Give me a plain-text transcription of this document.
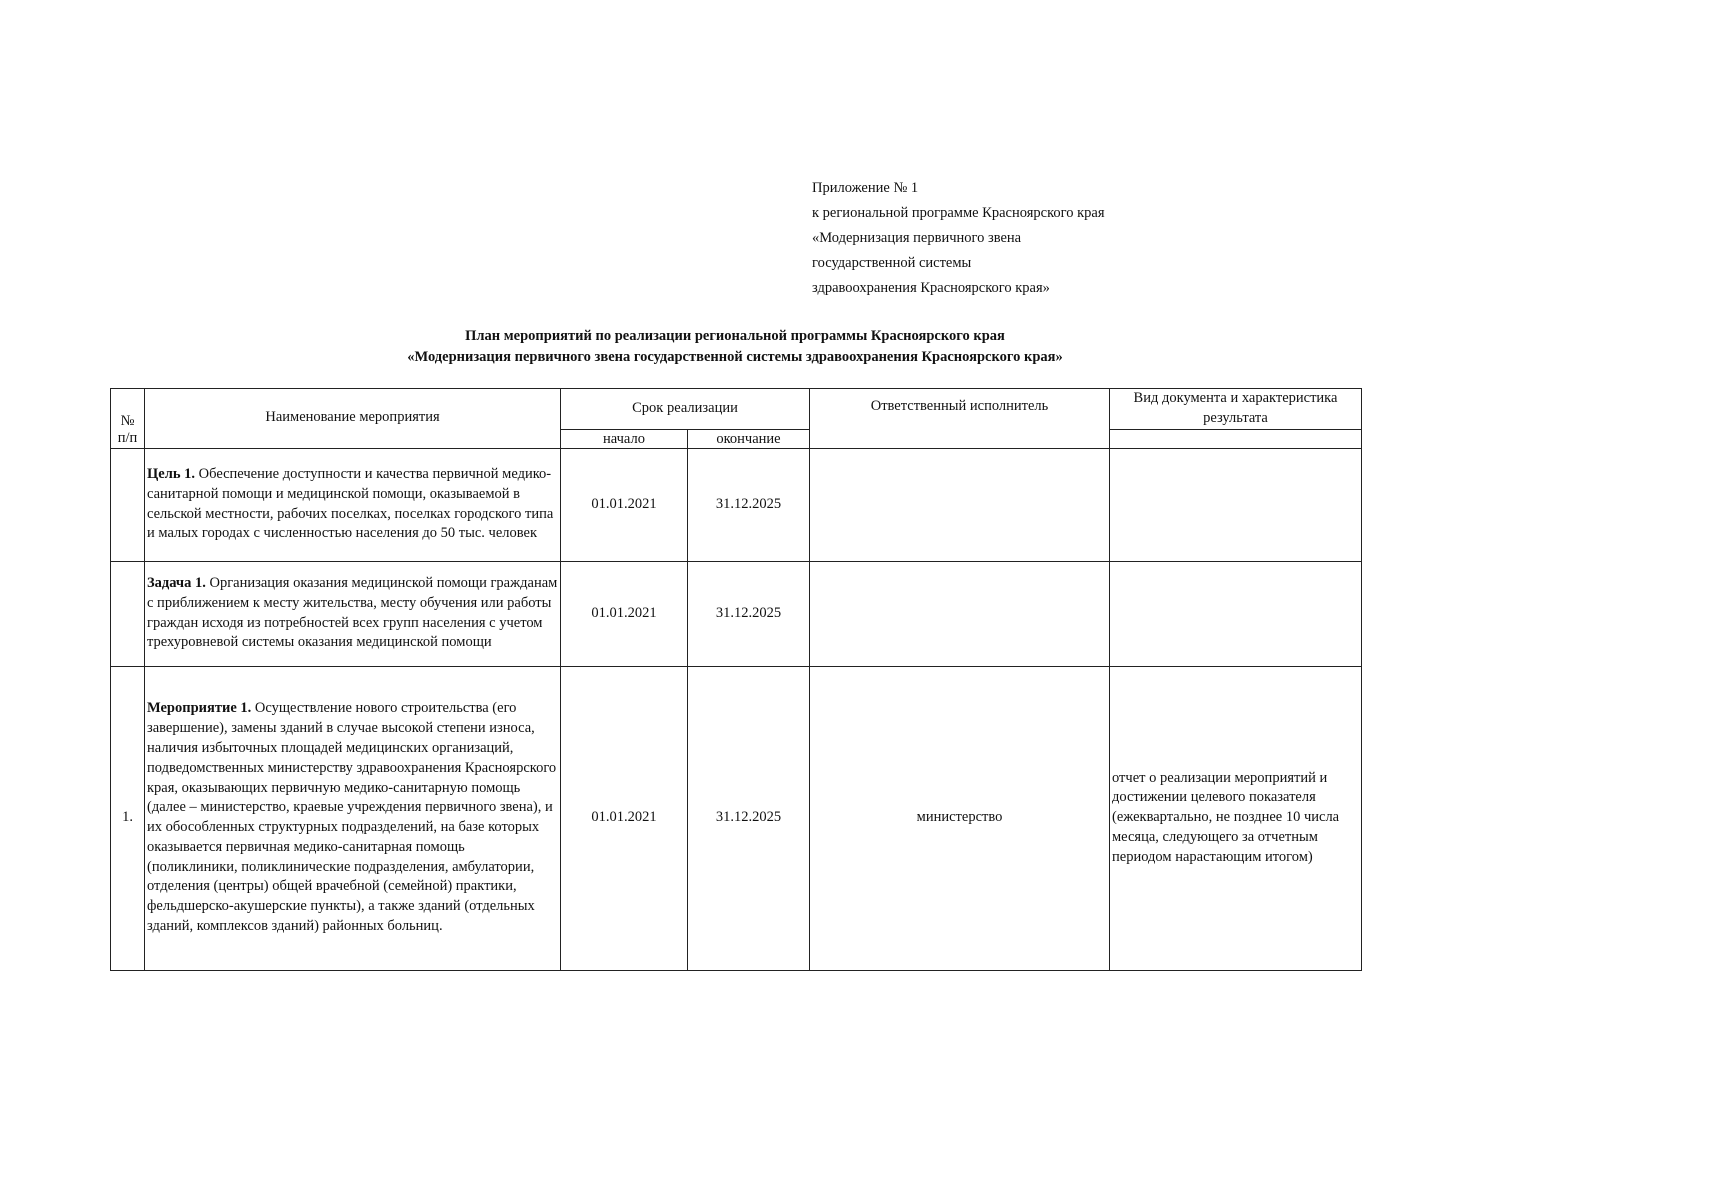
Приложение № 1
к региональной программе Красноярского края
«Модернизация первичного звена
государственной системы
здравоохранения Красноярского края»
План мероприятий по реализации региональной программы Красноярского края
«Модернизация первичного звена государственной системы здравоохранения Красноярского края»
№ п/п	Наименование мероприятия	Срок реализации		Ответственный исполнитель	Вид документа и характеристика результата
		начало	окончание		
	Цель 1. Обеспечение доступности и качества первичной медико-санитарной помощи и медицинской помощи, оказываемой в сельской местности, рабочих поселках, поселках городского типа и малых городах с численностью населения до 50 тыс. человек	01.01.2021	31.12.2025		
	Задача 1. Организация оказания медицинской помощи гражданам с приближением к месту жительства, месту обучения или работы граждан исходя из потребностей всех групп населения с учетом трехуровневой системы оказания медицинской помощи	01.01.2021	31.12.2025		
1.	Мероприятие 1. Осуществление нового строительства (его завершение), замены зданий в случае высокой степени износа, наличия избыточных площадей медицинских организаций, подведомственных министерству здравоохранения Красноярского края, оказывающих первичную медико-санитарную помощь (далее – министерство, краевые учреждения первичного звена), и их обособленных структурных подразделений, на базе которых оказывается первичная медико-санитарная помощь (поликлиники, поликлинические подразделения, амбулатории, отделения (центры) общей врачебной (семейной) практики, фельдшерско-акушерские пункты), а также зданий (отдельных зданий, комплексов зданий) районных больниц.	01.01.2021	31.12.2025	министерство	отчет о реализации мероприятий и достижении целевого показателя (ежеквартально, не позднее 10 числа месяца, следующего за отчетным периодом нарастающим итогом)
